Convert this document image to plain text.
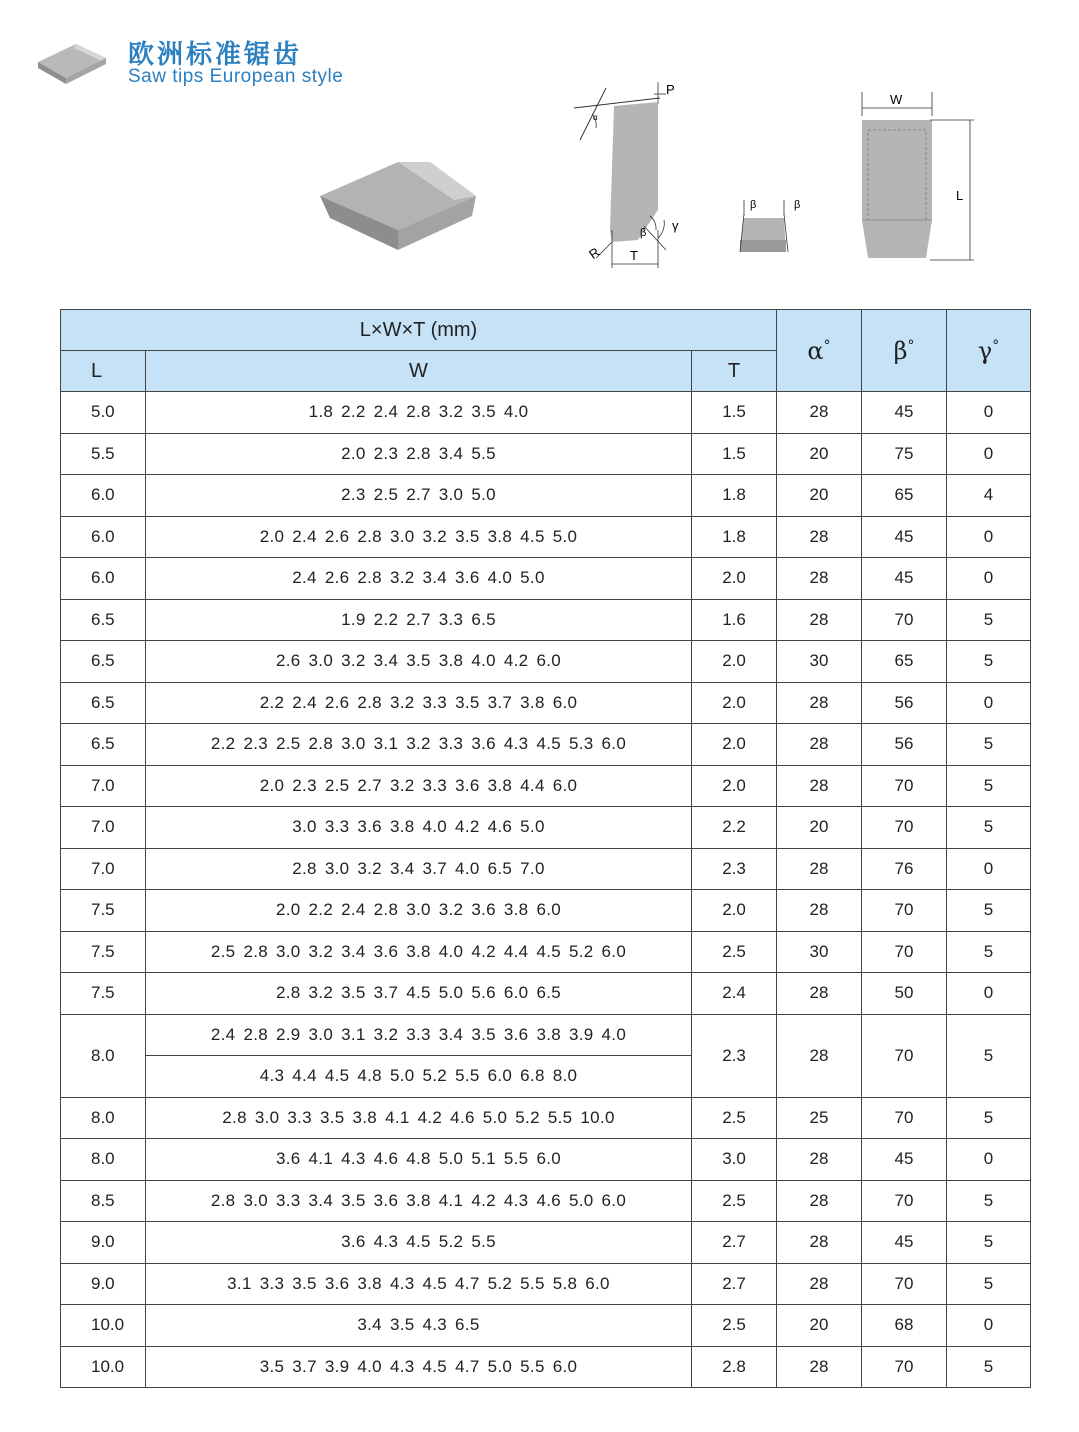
欧洲标准锯齿
Saw tips European style
α
P
β γ
T
R
β	β
W
L
L×W×T (mm)			α°	β°	γ°
L	W	T			
5.0	1.8 2.2 2.4 2.8 3.2 3.5 4.0	1.5	28	45	0
5.5	2.0 2.3 2.8 3.4 5.5	1.5	20	75	0
6.0	2.3 2.5 2.7 3.0 5.0	1.8	20	65	4
6.0	2.0 2.4 2.6 2.8 3.0 3.2 3.5 3.8 4.5 5.0	1.8	28	45	0
6.0	2.4 2.6 2.8 3.2 3.4 3.6 4.0 5.0	2.0	28	45	0
6.5	1.9 2.2 2.7 3.3 6.5	1.6	28	70	5
6.5	2.6 3.0 3.2 3.4 3.5 3.8 4.0 4.2 6.0	2.0	30	65	5
6.5	2.2 2.4 2.6 2.8 3.2 3.3 3.5 3.7 3.8 6.0	2.0	28	56	0
6.5	2.2 2.3 2.5 2.8 3.0 3.1 3.2 3.3 3.6 4.3 4.5 5.3 6.0	2.0	28	56	5
7.0	2.0 2.3 2.5 2.7 3.2 3.3 3.6 3.8 4.4 6.0	2.0	28	70	5
7.0	3.0 3.3 3.6 3.8 4.0 4.2 4.6 5.0	2.2	20	70	5
7.0	2.8 3.0 3.2 3.4 3.7 4.0 6.5 7.0	2.3	28	76	0
7.5	2.0 2.2 2.4 2.8 3.0 3.2 3.6 3.8 6.0	2.0	28	70	5
7.5	2.5 2.8 3.0 3.2 3.4 3.6 3.8 4.0 4.2 4.4 4.5 5.2 6.0	2.5	30	70	5
7.5	2.8 3.2 3.5 3.7 4.5 5.0 5.6 6.0 6.5	2.4	28	50	0
8.0	2.4 2.8 2.9 3.0 3.1 3.2 3.3 3.4 3.5 3.6 3.8 3.9 4.0	2.3	28	70	5
	4.3 4.4 4.5 4.8 5.0 5.2 5.5 6.0 6.8 8.0				
8.0	2.8 3.0 3.3 3.5 3.8 4.1 4.2 4.6 5.0 5.2 5.5 10.0	2.5	25	70	5
8.0	3.6 4.1 4.3 4.6 4.8 5.0 5.1 5.5 6.0	3.0	28	45	0
8.5	2.8 3.0 3.3 3.4 3.5 3.6 3.8 4.1 4.2 4.3 4.6 5.0 6.0	2.5	28	70	5
9.0	3.6 4.3 4.5 5.2 5.5	2.7	28	45	5
9.0	3.1 3.3 3.5 3.6 3.8 4.3 4.5 4.7 5.2 5.5 5.8 6.0	2.7	28	70	5
10.0	3.4 3.5 4.3 6.5	2.5	20	68	0
10.0	3.5 3.7 3.9 4.0 4.3 4.5 4.7 5.0 5.5 6.0	2.8	28	70	5
